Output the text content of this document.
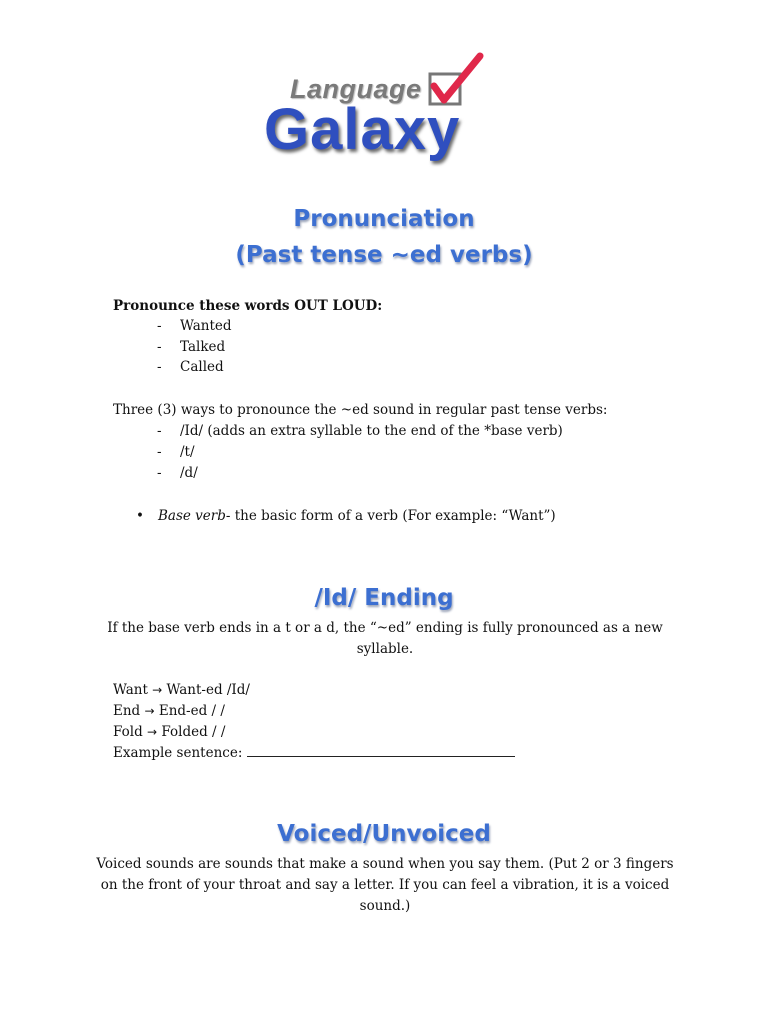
Language
Galaxy
Pronunciation
(Past tense ~ed verbs)
Pronounce these words OUT LOUD:
- Wanted
- Talked
- Called
Three (3) ways to pronounce the ~ed sound in regular past tense verbs:
- /Id/ (adds an extra syllable to the end of the *base verb)
- /t/
- /d/
• Base verb- the basic form of a verb (For example: “Want”)
/Id/ Ending
If the base verb ends in a t or a d, the “~ed” ending is fully pronounced as a new
syllable.
Want → Want-ed /Id/
End → End-ed / /
Fold → Folded / /
Example sentence:
Voiced/Unvoiced
Voiced sounds are sounds that make a sound when you say them. (Put 2 or 3 fingers
on the front of your throat and say a letter. If you can feel a vibration, it is a voiced
sound.)
